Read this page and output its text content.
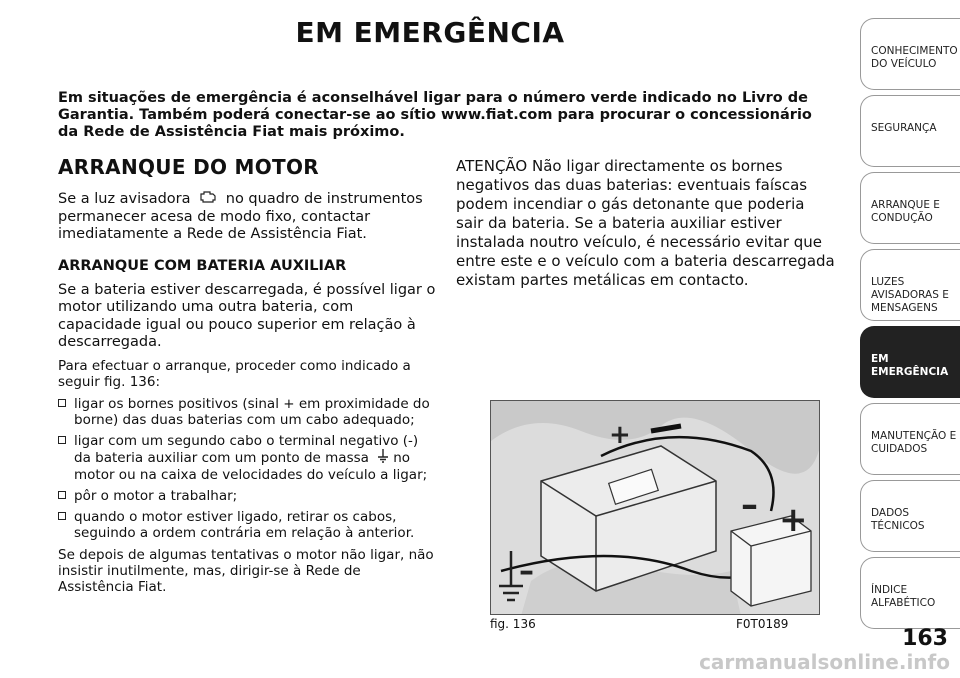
EM EMERGÊNCIA
Em situações de emergência é aconselhável ligar para o número verde indicado no Livro de Garantia. Também poderá conectar-se ao sítio www.fiat.com para procurar o concessionário da Rede de Assistência Fiat mais próximo.
ARRANQUE DO MOTOR

Se a luz avisadora no quadro de instrumentos permanecer acesa de modo fixo, contactar imediatamente a Rede de Assistência Fiat.

ARRANQUE COM BATERIA AUXILIAR

Se a bateria estiver descarregada, é possível ligar o motor utilizando uma outra bateria, com capacidade igual ou pouco superior em relação à descarregada.

Para efectuar o arranque, proceder como indicado a seguir fig. 136:

ligar os bornes positivos (sinal + em proximidade do borne) das duas baterias com um cabo adequado;
ligar com um segundo cabo o terminal negativo (-) da bateria auxiliar com um ponto de massa no motor ou na caixa de velocidades do veículo a ligar;
pôr o motor a trabalhar;
quando o motor estiver ligado, retirar os cabos, seguindo a ordem contrária em relação à anterior.

Se depois de algumas tentativas o motor não ligar, não insistir inutilmente, mas, dirigir-se à Rede de Assistência Fiat.

ATENÇÃO Não ligar directamente os bornes negativos das duas baterias: eventuais faíscas podem incendiar o gás detonante que poderia sair da bateria. Se a bateria auxiliar estiver instalada noutro veículo, é necessário evitar que entre este e o veículo com a bateria descarregada existam partes metálicas em contacto.
+
– +
–
fig. 136	F0T0189
CONHECIMENTO DO VEÍCULO
SEGURANÇA
ARRANQUE E CONDUÇÃO
LUZES AVISADORAS E MENSAGENS
EM EMERGÊNCIA
MANUTENÇÃO E CUIDADOS
DADOS TÉCNICOS
ÍNDICE ALFABÉTICO
163
carmanualsonline.info
